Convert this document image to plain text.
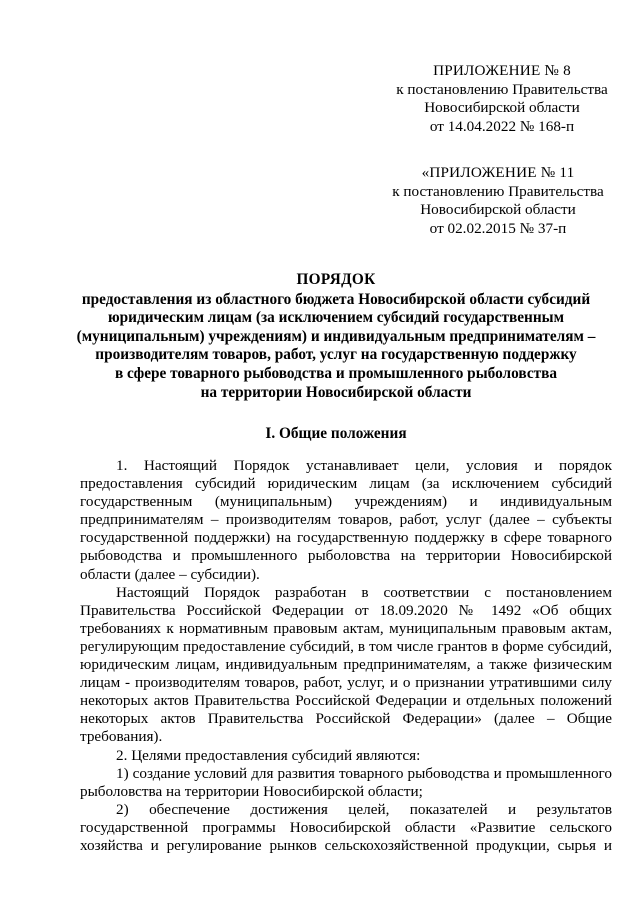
ПРИЛОЖЕНИЕ № 8
к постановлению Правительства
Новосибирской области
от 14.04.2022 № 168-п
«ПРИЛОЖЕНИЕ № 11
к постановлению Правительства
Новосибирской области
от 02.02.2015 № 37-п
ПОРЯДОК
предоставления из областного бюджета Новосибирской области субсидий
юридическим лицам (за исключением субсидий государственным
(муниципальным) учреждениям) и индивидуальным предпринимателям –
производителям товаров, работ, услуг на государственную поддержку
в сфере товарного рыбоводства и промышленного рыболовства
на территории Новосибирской области
I. Общие положения
1. Настоящий Порядок устанавливает цели, условия и порядок
предоставления субсидий юридическим лицам (за исключением субсидий
государственным (муниципальным) учреждениям) и индивидуальным
предпринимателям – производителям товаров, работ, услуг (далее – субъекты
государственной поддержки) на государственную поддержку в сфере товарного
рыбоводства и промышленного рыболовства на территории Новосибирской
области (далее – субсидии).
Настоящий Порядок разработан в соответствии с постановлением
Правительства Российской Федерации от 18.09.2020 № 1492 «Об общих
требованиях к нормативным правовым актам, муниципальным правовым актам,
регулирующим предоставление субсидий, в том числе грантов в форме субсидий,
юридическим лицам, индивидуальным предпринимателям, а также физическим
лицам - производителям товаров, работ, услуг, и о признании утратившими силу
некоторых актов Правительства Российской Федерации и отдельных положений
некоторых актов Правительства Российской Федерации» (далее – Общие
требования).
2. Целями предоставления субсидий являются:
1) создание условий для развития товарного рыбоводства и промышленного
рыболовства на территории Новосибирской области;
2) обеспечение достижения целей, показателей и результатов
государственной программы Новосибирской области «Развитие сельского
хозяйства и регулирование рынков сельскохозяйственной продукции, сырья и
